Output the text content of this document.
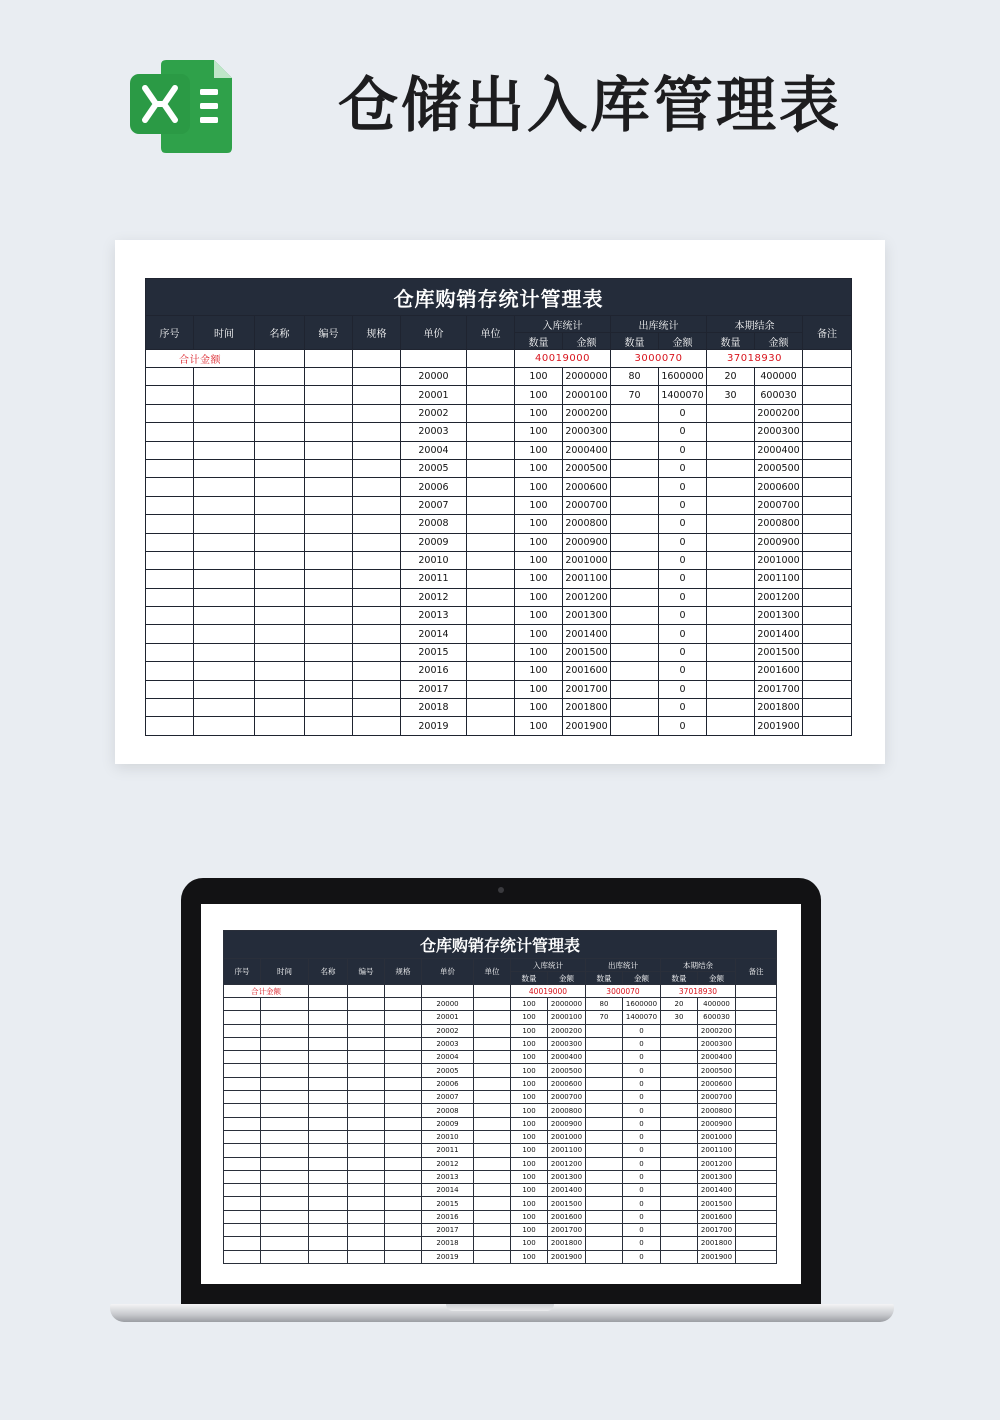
仓储出入库管理表
仓库购销存统计管理表													
序号	时间	名称	编号	规格	单价	单位	入库统计		出库统计		本期结余		备注
							数量	金额	数量	金额	数量	金额	
合计金额							40019000		3000070		37018930		
					20000		100	2000000	80	1600000	20	400000	
					20001		100	2000100	70	1400070	30	600030	
					20002		100	2000200		0		2000200	
					20003		100	2000300		0		2000300	
					20004		100	2000400		0		2000400	
					20005		100	2000500		0		2000500	
					20006		100	2000600		0		2000600	
					20007		100	2000700		0		2000700	
					20008		100	2000800		0		2000800	
					20009		100	2000900		0		2000900	
					20010		100	2001000		0		2001000	
					20011		100	2001100		0		2001100	
					20012		100	2001200		0		2001200	
					20013		100	2001300		0		2001300	
					20014		100	2001400		0		2001400	
					20015		100	2001500		0		2001500	
					20016		100	2001600		0		2001600	
					20017		100	2001700		0		2001700	
					20018		100	2001800		0		2001800	
					20019		100	2001900		0		2001900	
仓库购销存统计管理表													
序号	时间	名称	编号	规格	单价	单位	入库统计		出库统计		本期结余		备注
							数量	金额	数量	金额	数量	金额	
合计金额							40019000		3000070		37018930		
					20000		100	2000000	80	1600000	20	400000	
					20001		100	2000100	70	1400070	30	600030	
					20002		100	2000200		0		2000200	
					20003		100	2000300		0		2000300	
					20004		100	2000400		0		2000400	
					20005		100	2000500		0		2000500	
					20006		100	2000600		0		2000600	
					20007		100	2000700		0		2000700	
					20008		100	2000800		0		2000800	
					20009		100	2000900		0		2000900	
					20010		100	2001000		0		2001000	
					20011		100	2001100		0		2001100	
					20012		100	2001200		0		2001200	
					20013		100	2001300		0		2001300	
					20014		100	2001400		0		2001400	
					20015		100	2001500		0		2001500	
					20016		100	2001600		0		2001600	
					20017		100	2001700		0		2001700	
					20018		100	2001800		0		2001800	
					20019		100	2001900		0		2001900	
